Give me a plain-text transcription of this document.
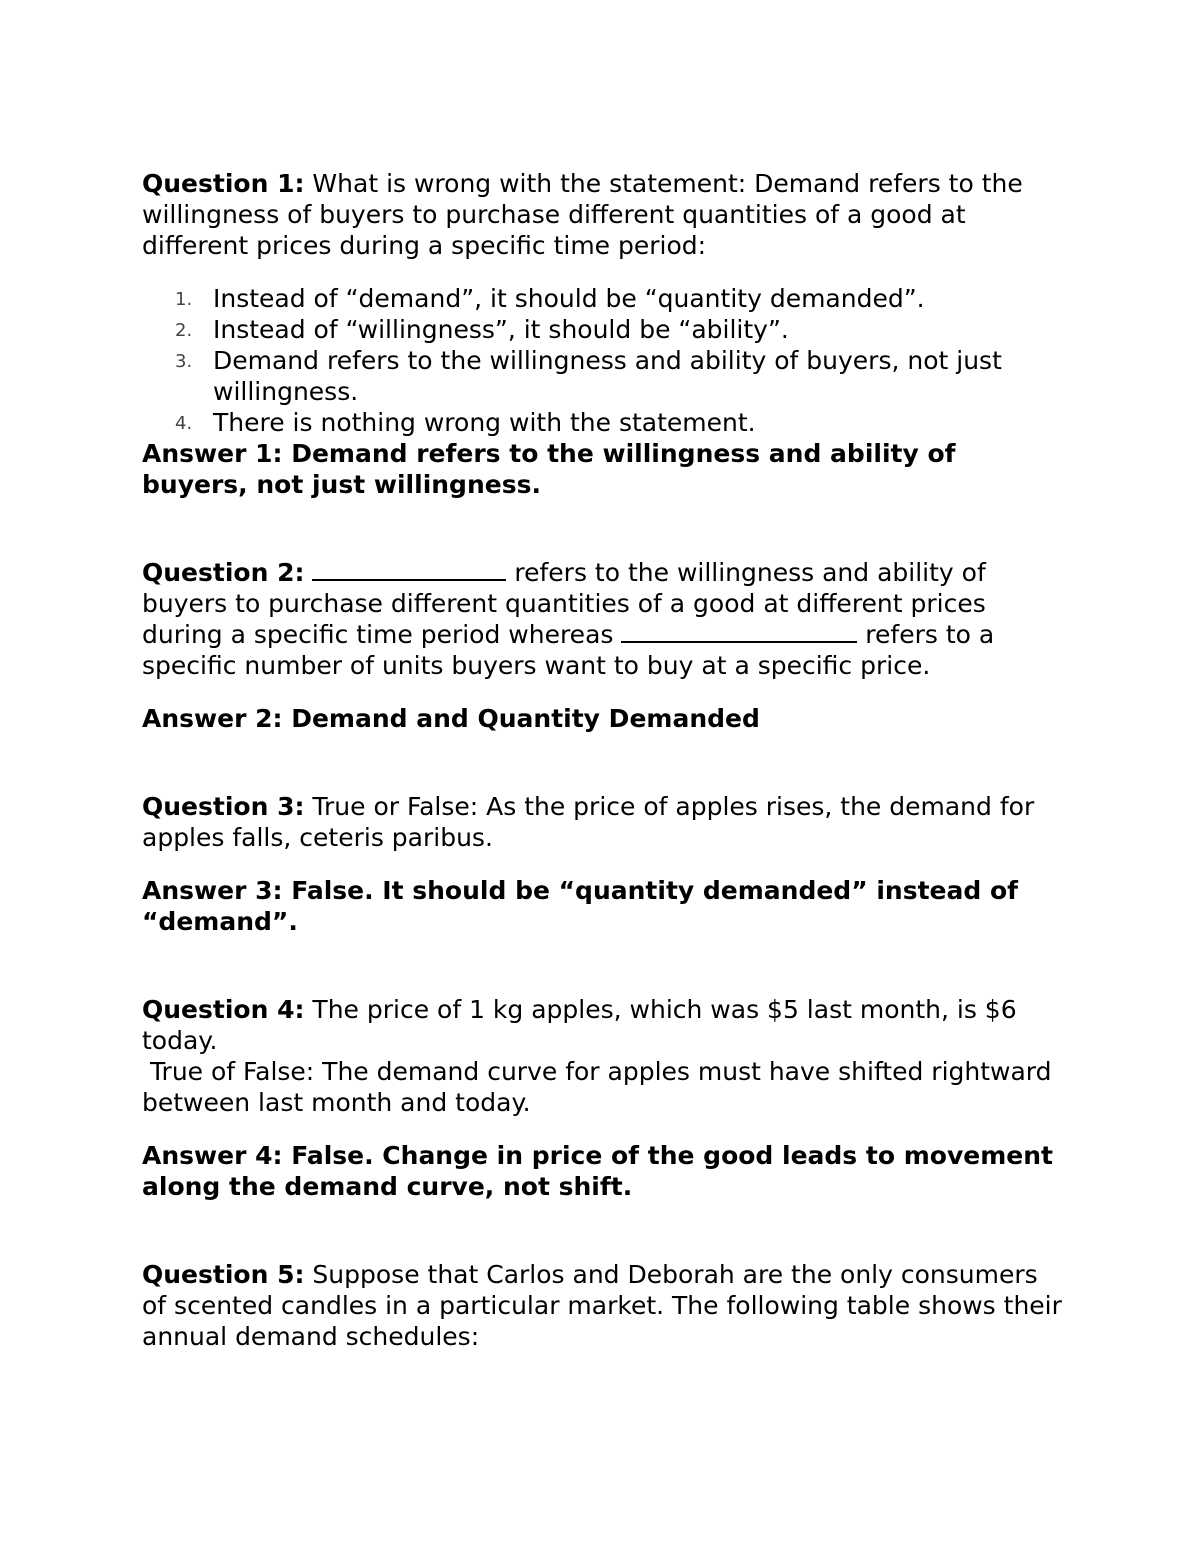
Question 1: What is wrong with the statement: Demand refers to the willingness of buyers to purchase different quantities of a good at different prices during a specific time period:

1. Instead of “demand”, it should be “quantity demanded”.
2. Instead of “willingness”, it should be “ability”.
3. Demand refers to the willingness and ability of buyers, not just willingness.
4. There is nothing wrong with the statement.

Answer 1: Demand refers to the willingness and ability of buyers, not just willingness.

Question 2:	refers to the willingness and ability of buyers to purchase different quantities of a good at different prices during a specific time period whereas	refers to a specific number of units buyers want to buy at a specific price.

Answer 2: Demand and Quantity Demanded

Question 3: True or False: As the price of apples rises, the demand for apples falls, ceteris paribus.

Answer 3: False. It should be “quantity demanded” instead of “demand”.

Question 4: The price of 1 kg apples, which was $5 last month, is $6 today.

True of False: The demand curve for apples must have shifted rightward between last month and today.

Answer 4: False. Change in price of the good leads to movement along the demand curve, not shift.

Question 5: Suppose that Carlos and Deborah are the only consumers of scented candles in a particular market. The following table shows their annual demand schedules:
